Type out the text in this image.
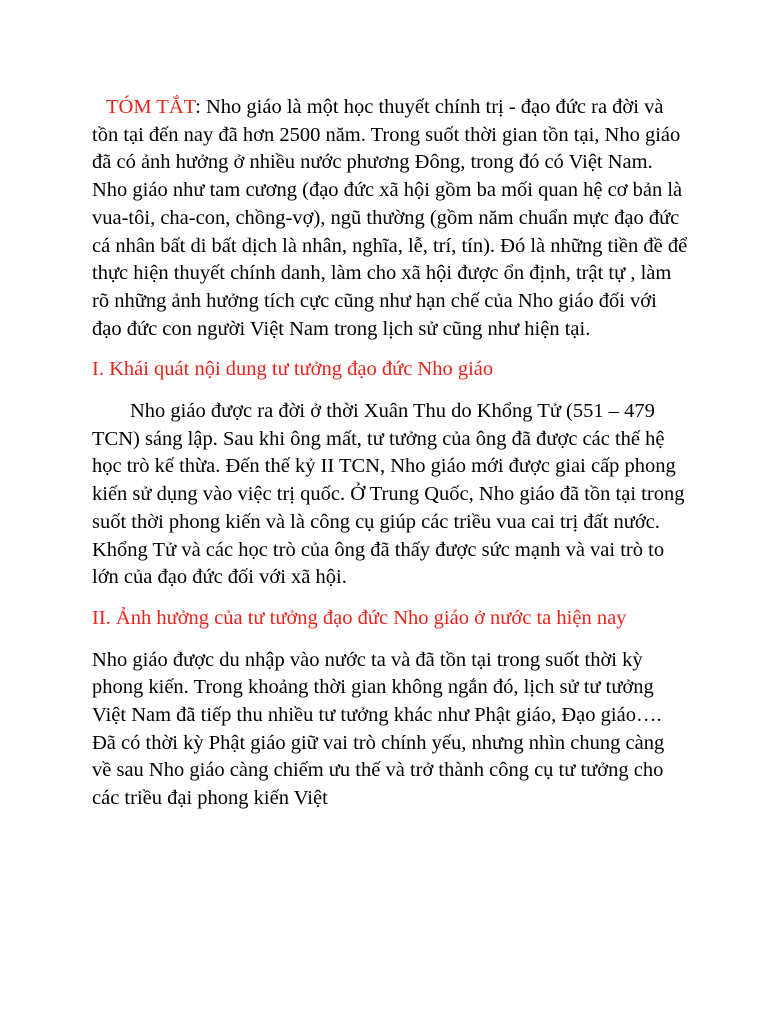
TÓM TẮT: Nho giáo là một học thuyết chính trị - đạo đức ra đời và tồn tại đến nay đã hơn 2500 năm. Trong suốt thời gian tồn tại, Nho giáo đã có ảnh hưởng ở nhiều nước phương Đông, trong đó có Việt Nam. Nho giáo như tam cương (đạo đức xã hội gồm ba mối quan hệ cơ bản là vua-tôi, cha-con, chồng-vợ), ngũ thường (gồm năm chuẩn mực đạo đức cá nhân bất di bất dịch là nhân, nghĩa, lễ, trí, tín). Đó là những tiền đề để thực hiện thuyết chính danh, làm cho xã hội được ổn định, trật tự , làm rõ những ảnh hưởng tích cực cũng như hạn chế của Nho giáo đối với đạo đức con người Việt Nam trong lịch sử cũng như hiện tại.

I. Khái quát nội dung tư tưởng đạo đức Nho giáo

Nho giáo được ra đời ở thời Xuân Thu do Khổng Tử (551 – 479 TCN) sáng lập. Sau khi ông mất, tư tưởng của ông đã được các thế hệ học trò kế thừa. Đến thế kỷ II TCN, Nho giáo mới được giai cấp phong kiến sử dụng vào việc trị quốc. Ở Trung Quốc, Nho giáo đã tồn tại trong suốt thời phong kiến và là công cụ giúp các triều vua cai trị đất nước. Khổng Tử và các học trò của ông đã thấy được sức mạnh và vai trò to lớn của đạo đức đối với xã hội.

II. Ảnh hưởng của tư tưởng đạo đức Nho giáo ở nước ta hiện nay

Nho giáo được du nhập vào nước ta và đã tồn tại trong suốt thời kỳ phong kiến. Trong khoảng thời gian không ngắn đó, lịch sử tư tưởng Việt Nam đã tiếp thu nhiều tư tưởng khác như Phật giáo, Đạo giáo…. Đã có thời kỳ Phật giáo giữ vai trò chính yếu, nhưng nhìn chung càng về sau Nho giáo càng chiếm ưu thế và trở thành công cụ tư tưởng cho các triều đại phong kiến Việt
